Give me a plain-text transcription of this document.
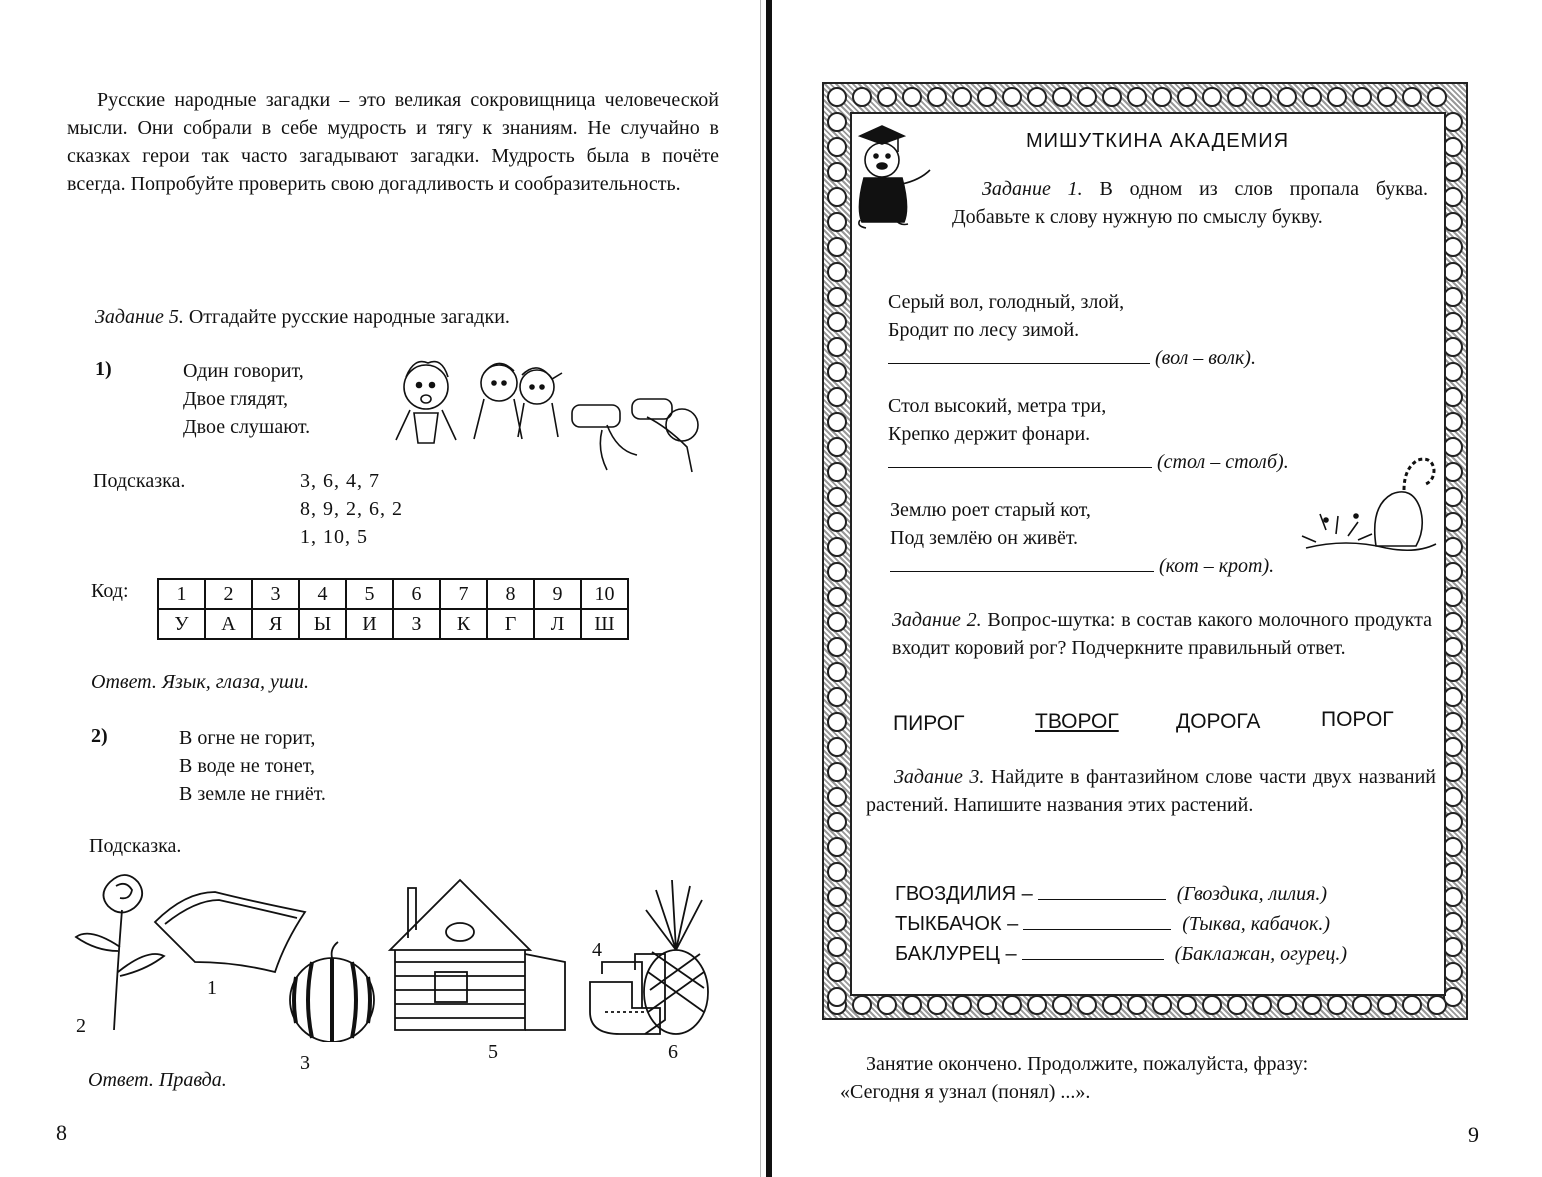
Русские народные загадки – это великая сокровищница человеческой мысли. Они собрали в себе мудрость и тягу к знаниям. Не случайно в сказках герои так часто загадывают загадки. Мудрость была в почёте всегда. Попробуйте проверить свою догадливость и сообразительность.
Задание 5. Отгадайте русские народные загадки.
1)	Один говорит,

Двое глядят,

Двое слушают.

Подсказка.	3, 6, 4, 7

8, 9, 2, 6, 2

1, 10, 5

Код: 1	2	3	4	5	6	7	8	9	10
У	А	Я	Ы	И	З	К	Г	Л	Ш
Ответ. Язык, глаза, уши.
2)	В огне не горит,

В воде не тонет,

В земле не гниёт.

Подсказка.
1
2
3
4
5	6
Ответ. Правда.
8
МИШУТКИНА АКАДЕМИЯ
Задание 1. В одном из слов пропала буква. Добавьте к слову нужную по смыслу букву.

Серый вол, голодный, злой,

Бродит по лесу зимой.

(вол – волк).

Стол высокий, метра три,

Крепко держит фонари.

(стол – столб).

Землю роет старый кот,

Под землёю он живёт.

(кот – крот).

Задание 2. Вопрос-шутка: в состав какого молочного продукта входит коровий рог? Подчеркните правильный ответ.
ПИРОГ	ТВОРОГ	ДОРОГА	ПОРОГ
Задание 3. Найдите в фантазийном слове части двух названий растений. Напишите названия этих растений.
ГВОЗДИЛИЯ –	(Гвоздика, лилия.)
ТЫКБАЧОК –	(Тыква, кабачок.)
БАКЛУРЕЦ –	(Баклажан, огурец.)

Занятие окончено. Продолжите, пожалуйста, фразу:

«Сегодня я узнал (понял) ...».

9
